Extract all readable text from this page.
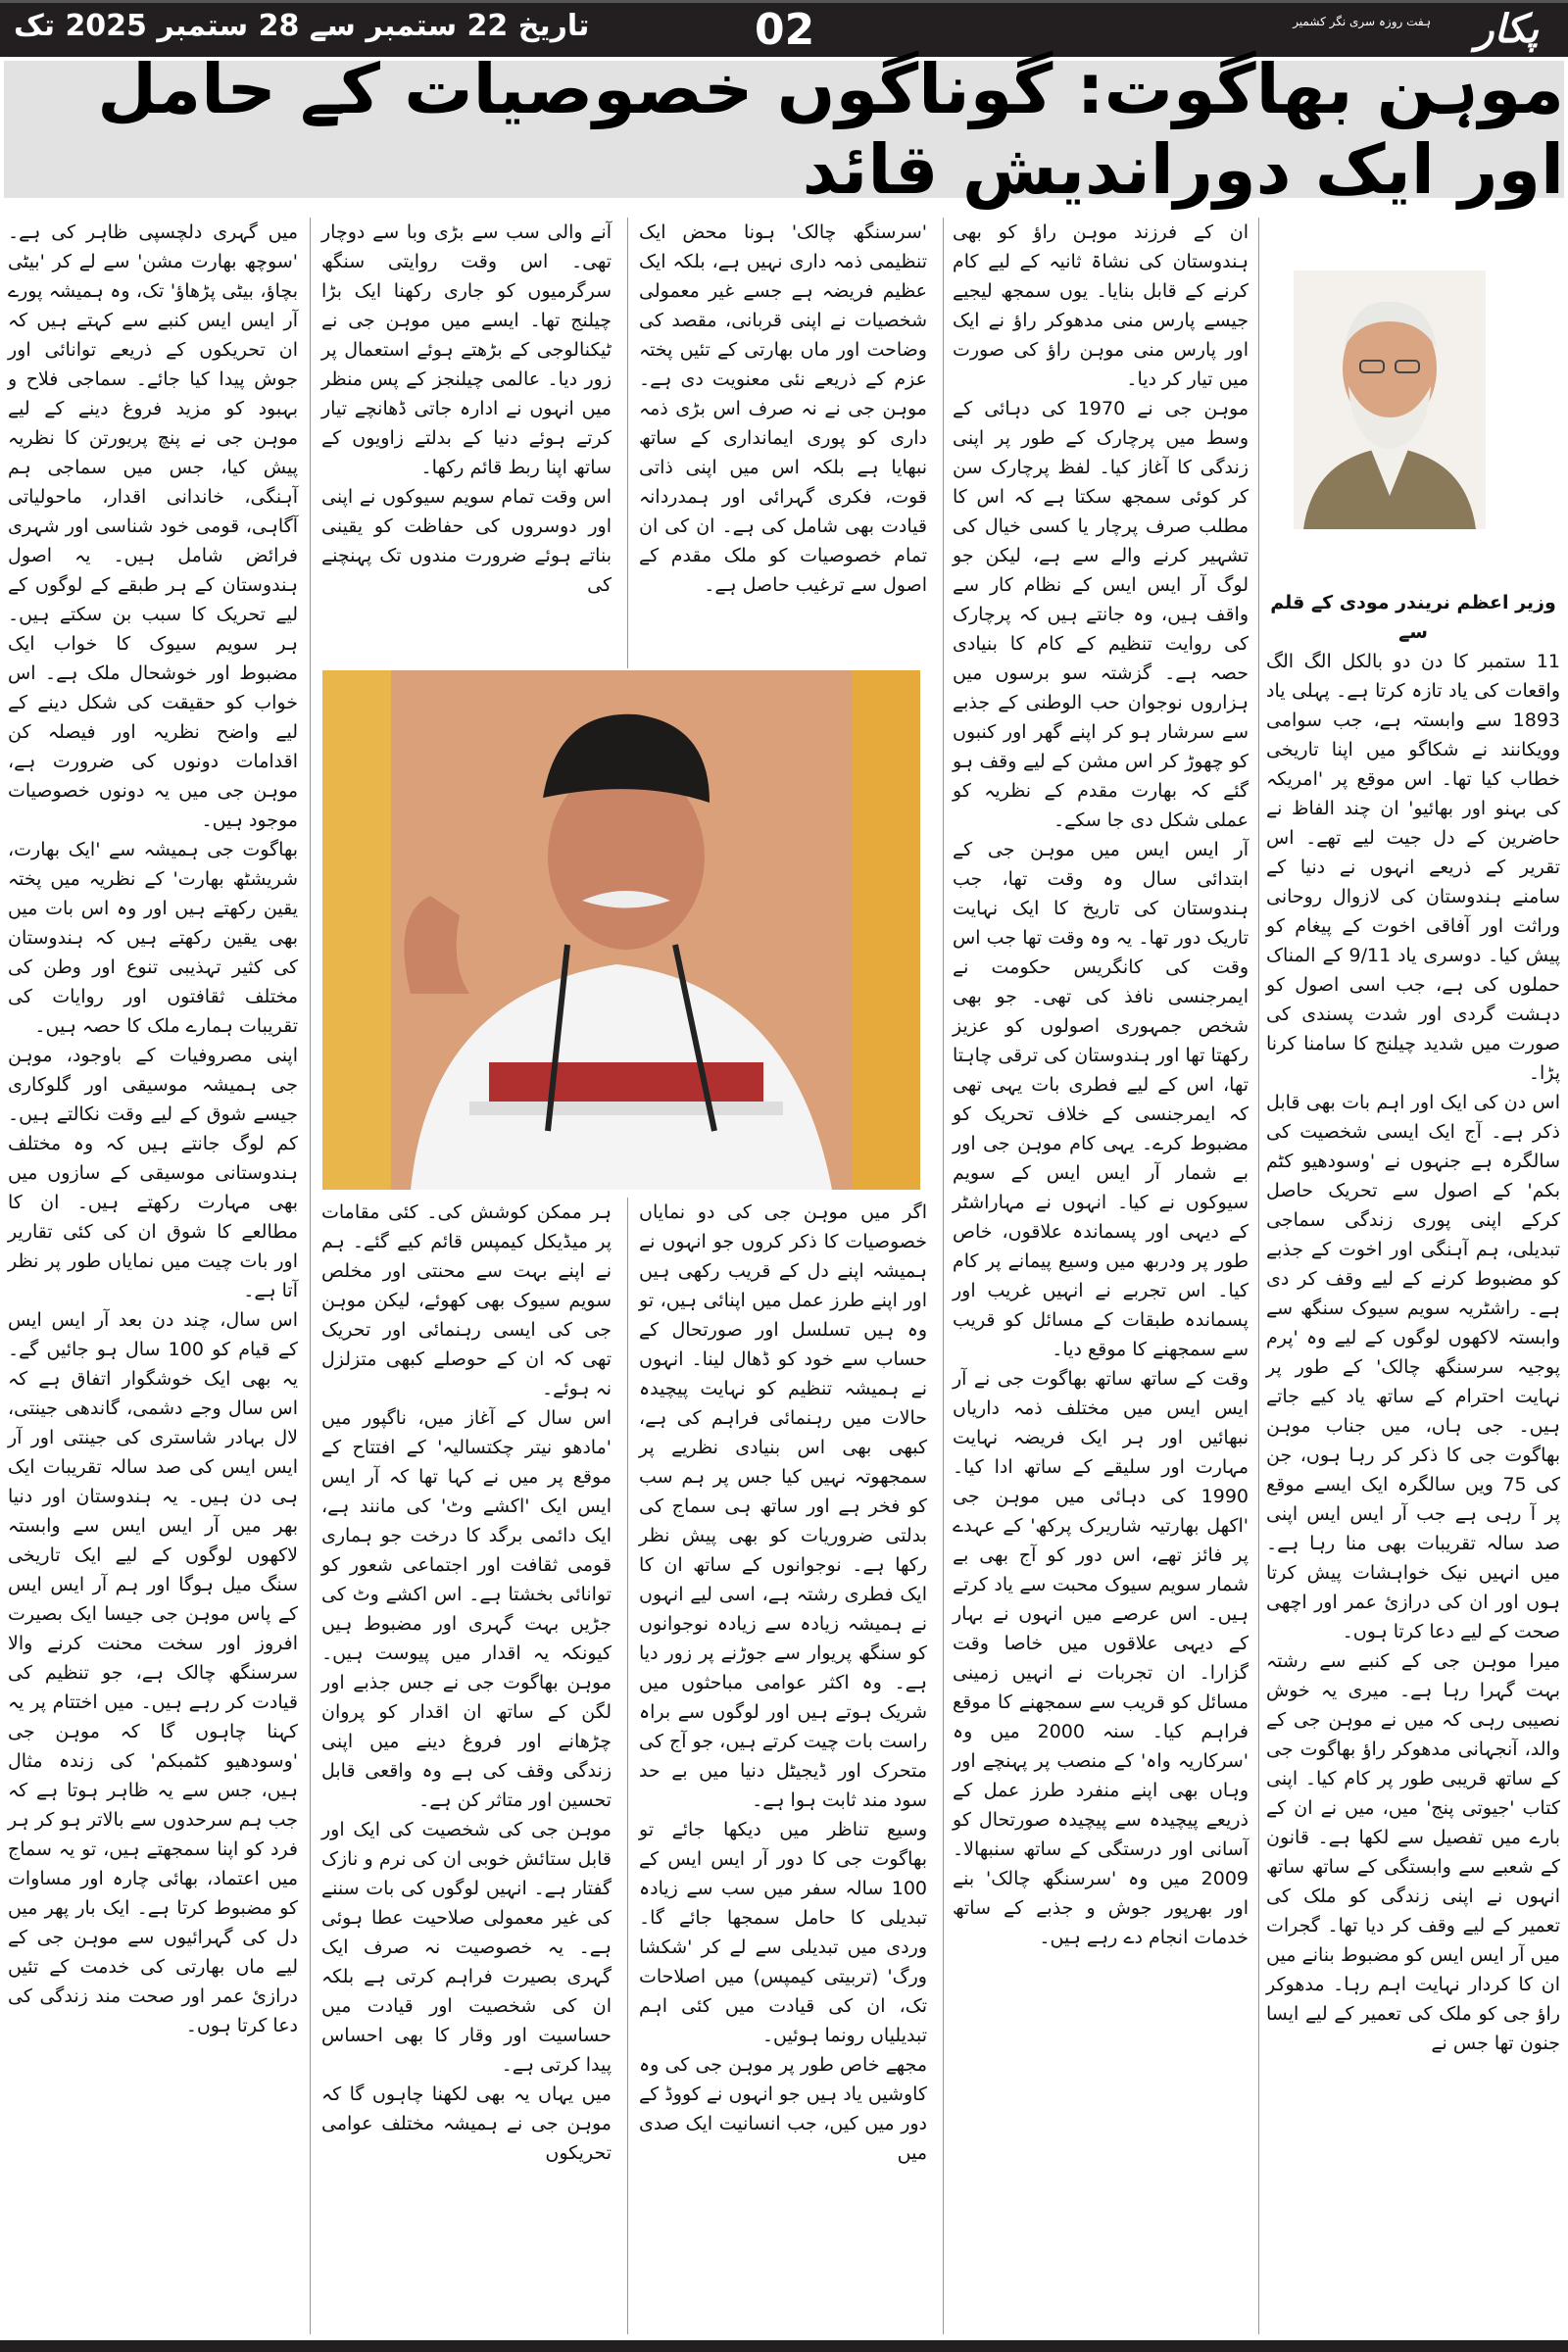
تاریخ 22 ستمبر سے 28 ستمبر 2025 تک	02	پکار
ہفت روزہ سری نگر کشمیر
موہن بھاگوت: گوناگوں خصوصیات کے حامل اور ایک دوراندیش قائد

وزیر اعظم نریندر مودی کے قلم سے

11 ستمبر کا دن دو بالکل الگ الگ واقعات کی یاد تازہ کرتا ہے۔ پہلی یاد 1893 سے وابستہ ہے، جب سوامی وویکانند نے شکاگو میں اپنا تاریخی خطاب کیا تھا۔ اس موقع پر 'امریکہ کی بہنو اور بھائیو' ان چند الفاظ نے حاضرین کے دل جیت لیے تھے۔ اس تقریر کے ذریعے انہوں نے دنیا کے سامنے ہندوستان کی لازوال روحانی وراثت اور آفاقی اخوت کے پیغام کو پیش کیا۔ دوسری یاد 9/11 کے المناک حملوں کی ہے، جب اسی اصول کو دہشت گردی اور شدت پسندی کی صورت میں شدید چیلنج کا سامنا کرنا پڑا۔

اس دن کی ایک اور اہم بات بھی قابل ذکر ہے۔ آج ایک ایسی شخصیت کی سالگرہ ہے جنہوں نے 'وسودھیو کٹم بکم' کے اصول سے تحریک حاصل کرکے اپنی پوری زندگی سماجی تبدیلی، ہم آہنگی اور اخوت کے جذبے کو مضبوط کرنے کے لیے وقف کر دی ہے۔ راشٹریہ سویم سیوک سنگھ سے وابستہ لاکھوں لوگوں کے لیے وہ 'پرم پوجیہ سرسنگھ چالک' کے طور پر نہایت احترام کے ساتھ یاد کیے جاتے ہیں۔ جی ہاں، میں جناب موہن بھاگوت جی کا ذکر کر رہا ہوں، جن کی 75 ویں سالگرہ ایک ایسے موقع پر آ رہی ہے جب آر ایس ایس اپنی صد سالہ تقریبات بھی منا رہا ہے۔ میں انہیں نیک خواہشات پیش کرتا ہوں اور ان کی درازیٔ عمر اور اچھی صحت کے لیے دعا کرتا ہوں۔

میرا موہن جی کے کنبے سے رشتہ بہت گہرا رہا ہے۔ میری یہ خوش نصیبی رہی کہ میں نے موہن جی کے والد، آنجہانی مدھوکر راؤ بھاگوت جی کے ساتھ قریبی طور پر کام کیا۔ اپنی کتاب 'جیوتی پنج' میں، میں نے ان کے بارے میں تفصیل سے لکھا ہے۔ قانون کے شعبے سے وابستگی کے ساتھ ساتھ انہوں نے اپنی زندگی کو ملک کی تعمیر کے لیے وقف کر دیا تھا۔ گجرات میں آر ایس ایس کو مضبوط بنانے میں ان کا کردار نہایت اہم رہا۔ مدھوکر راؤ جی کو ملک کی تعمیر کے لیے ایسا جنون تھا جس نے

ان کے فرزند موہن راؤ کو بھی ہندوستان کی نشاۃ ثانیہ کے لیے کام کرنے کے قابل بنایا۔ یوں سمجھ لیجیے جیسے پارس منی مدھوکر راؤ نے ایک اور پارس منی موہن راؤ کی صورت میں تیار کر دیا۔

موہن جی نے 1970 کی دہائی کے وسط میں پرچارک کے طور پر اپنی زندگی کا آغاز کیا۔ لفظ پرچارک سن کر کوئی سمجھ سکتا ہے کہ اس کا مطلب صرف پرچار یا کسی خیال کی تشہیر کرنے والے سے ہے، لیکن جو لوگ آر ایس ایس کے نظام کار سے واقف ہیں، وہ جانتے ہیں کہ پرچارک کی روایت تنظیم کے کام کا بنیادی حصہ ہے۔ گزشتہ سو برسوں میں ہزاروں نوجوان حب الوطنی کے جذبے سے سرشار ہو کر اپنے گھر اور کنبوں کو چھوڑ کر اس مشن کے لیے وقف ہو گئے کہ بھارت مقدم کے نظریہ کو عملی شکل دی جا سکے۔

آر ایس ایس میں موہن جی کے ابتدائی سال وہ وقت تھا، جب ہندوستان کی تاریخ کا ایک نہایت تاریک دور تھا۔ یہ وہ وقت تھا جب اس وقت کی کانگریس حکومت نے ایمرجنسی نافذ کی تھی۔ جو بھی شخص جمہوری اصولوں کو عزیز رکھتا تھا اور ہندوستان کی ترقی چاہتا تھا، اس کے لیے فطری بات یہی تھی کہ ایمرجنسی کے خلاف تحریک کو مضبوط کرے۔ یہی کام موہن جی اور بے شمار آر ایس ایس کے سویم سیوکوں نے کیا۔ انہوں نے مہاراشٹر کے دیہی اور پسماندہ علاقوں، خاص طور پر ودربھ میں وسیع پیمانے پر کام کیا۔ اس تجربے نے انہیں غریب اور پسماندہ طبقات کے مسائل کو قریب سے سمجھنے کا موقع دیا۔

وقت کے ساتھ ساتھ بھاگوت جی نے آر ایس ایس میں مختلف ذمہ داریاں نبھائیں اور ہر ایک فریضہ نہایت مہارت اور سلیقے کے ساتھ ادا کیا۔ 1990 کی دہائی میں موہن جی 'اکھل بھارتیہ شاریرک پرکھ' کے عہدے پر فائز تھے، اس دور کو آج بھی بے شمار سویم سیوک محبت سے یاد کرتے ہیں۔ اس عرصے میں انہوں نے بہار کے دیہی علاقوں میں خاصا وقت گزارا۔ ان تجربات نے انہیں زمینی مسائل کو قریب سے سمجھنے کا موقع فراہم کیا۔ سنہ 2000 میں وہ 'سرکاریہ واہ' کے منصب پر پہنچے اور وہاں بھی اپنے منفرد طرز عمل کے ذریعے پیچیدہ سے پیچیدہ صورتحال کو آسانی اور درستگی کے ساتھ سنبھالا۔ 2009 میں وہ 'سرسنگھ چالک' بنے اور بھرپور جوش و جذبے کے ساتھ خدمات انجام دے رہے ہیں۔

'سرسنگھ چالک' ہونا محض ایک تنظیمی ذمہ داری نہیں ہے، بلکہ ایک عظیم فریضہ ہے جسے غیر معمولی شخصیات نے اپنی قربانی، مقصد کی وضاحت اور ماں بھارتی کے تئیں پختہ عزم کے ذریعے نئی معنویت دی ہے۔ موہن جی نے نہ صرف اس بڑی ذمہ داری کو پوری ایمانداری کے ساتھ نبھایا ہے بلکہ اس میں اپنی ذاتی قوت، فکری گہرائی اور ہمدردانہ قیادت بھی شامل کی ہے۔ ان کی ان تمام خصوصیات کو ملک مقدم کے اصول سے ترغیب حاصل ہے۔

اگر میں موہن جی کی دو نمایاں خصوصیات کا ذکر کروں جو انہوں نے ہمیشہ اپنے دل کے قریب رکھی ہیں اور اپنے طرز عمل میں اپنائی ہیں، تو وہ ہیں تسلسل اور صورتحال کے حساب سے خود کو ڈھال لینا۔ انہوں نے ہمیشہ تنظیم کو نہایت پیچیدہ حالات میں رہنمائی فراہم کی ہے، کبھی بھی اس بنیادی نظریے پر سمجھوتہ نہیں کیا جس پر ہم سب کو فخر ہے اور ساتھ ہی سماج کی بدلتی ضروریات کو بھی پیش نظر رکھا ہے۔ نوجوانوں کے ساتھ ان کا ایک فطری رشتہ ہے، اسی لیے انہوں نے ہمیشہ زیادہ سے زیادہ نوجوانوں کو سنگھ پریوار سے جوڑنے پر زور دیا ہے۔ وہ اکثر عوامی مباحثوں میں شریک ہوتے ہیں اور لوگوں سے براہ راست بات چیت کرتے ہیں، جو آج کی متحرک اور ڈیجیٹل دنیا میں بے حد سود مند ثابت ہوا ہے۔

وسیع تناظر میں دیکھا جائے تو بھاگوت جی کا دور آر ایس ایس کے 100 سالہ سفر میں سب سے زیادہ تبدیلی کا حامل سمجھا جائے گا۔ وردی میں تبدیلی سے لے کر 'شکشا ورگ' (تربیتی کیمپس) میں اصلاحات تک، ان کی قیادت میں کئی اہم تبدیلیاں رونما ہوئیں۔

مجھے خاص طور پر موہن جی کی وہ کاوشیں یاد ہیں جو انہوں نے کووڈ کے دور میں کیں، جب انسانیت ایک صدی میں

آنے والی سب سے بڑی وبا سے دوچار تھی۔ اس وقت روایتی سنگھ سرگرمیوں کو جاری رکھنا ایک بڑا چیلنج تھا۔ ایسے میں موہن جی نے ٹیکنالوجی کے بڑھتے ہوئے استعمال پر زور دیا۔ عالمی چیلنجز کے پس منظر میں انہوں نے ادارہ جاتی ڈھانچے تیار کرتے ہوئے دنیا کے بدلتے زاویوں کے ساتھ اپنا ربط قائم رکھا۔

اس وقت تمام سویم سیوکوں نے اپنی اور دوسروں کی حفاظت کو یقینی بناتے ہوئے ضرورت مندوں تک پہنچنے کی

ہر ممکن کوشش کی۔ کئی مقامات پر میڈیکل کیمپس قائم کیے گئے۔ ہم نے اپنے بہت سے محنتی اور مخلص سویم سیوک بھی کھوئے، لیکن موہن جی کی ایسی رہنمائی اور تحریک تھی کہ ان کے حوصلے کبھی متزلزل نہ ہوئے۔

اس سال کے آغاز میں، ناگپور میں 'مادھو نیتر چکتسالیہ' کے افتتاح کے موقع پر میں نے کہا تھا کہ آر ایس ایس ایک 'اکشے وٹ' کی مانند ہے، ایک دائمی برگد کا درخت جو ہماری قومی ثقافت اور اجتماعی شعور کو توانائی بخشتا ہے۔ اس اکشے وٹ کی جڑیں بہت گہری اور مضبوط ہیں کیونکہ یہ اقدار میں پیوست ہیں۔ موہن بھاگوت جی نے جس جذبے اور لگن کے ساتھ ان اقدار کو پروان چڑھانے اور فروغ دینے میں اپنی زندگی وقف کی ہے وہ واقعی قابل تحسین اور متاثر کن ہے۔

موہن جی کی شخصیت کی ایک اور قابل ستائش خوبی ان کی نرم و نازک گفتار ہے۔ انہیں لوگوں کی بات سننے کی غیر معمولی صلاحیت عطا ہوئی ہے۔ یہ خصوصیت نہ صرف ایک گہری بصیرت فراہم کرتی ہے بلکہ ان کی شخصیت اور قیادت میں حساسیت اور وقار کا بھی احساس پیدا کرتی ہے۔

میں یہاں یہ بھی لکھنا چاہوں گا کہ موہن جی نے ہمیشہ مختلف عوامی تحریکوں

میں گہری دلچسپی ظاہر کی ہے۔ 'سوچھ بھارت مشن' سے لے کر 'بیٹی بچاؤ، بیٹی پڑھاؤ' تک، وہ ہمیشہ پورے آر ایس ایس کنبے سے کہتے ہیں کہ ان تحریکوں کے ذریعے توانائی اور جوش پیدا کیا جائے۔ سماجی فلاح و بہبود کو مزید فروغ دینے کے لیے موہن جی نے پنچ پریورتن کا نظریہ پیش کیا، جس میں سماجی ہم آہنگی، خاندانی اقدار، ماحولیاتی آگاہی، قومی خود شناسی اور شہری فرائض شامل ہیں۔ یہ اصول ہندوستان کے ہر طبقے کے لوگوں کے لیے تحریک کا سبب بن سکتے ہیں۔ ہر سویم سیوک کا خواب ایک مضبوط اور خوشحال ملک ہے۔ اس خواب کو حقیقت کی شکل دینے کے لیے واضح نظریہ اور فیصلہ کن اقدامات دونوں کی ضرورت ہے، موہن جی میں یہ دونوں خصوصیات موجود ہیں۔

بھاگوت جی ہمیشہ سے 'ایک بھارت، شریشٹھ بھارت' کے نظریہ میں پختہ یقین رکھتے ہیں اور وہ اس بات میں بھی یقین رکھتے ہیں کہ ہندوستان کی کثیر تہذیبی تنوع اور وطن کی مختلف ثقافتوں اور روایات کی تقریبات ہمارے ملک کا حصہ ہیں۔

اپنی مصروفیات کے باوجود، موہن جی ہمیشہ موسیقی اور گلوکاری جیسے شوق کے لیے وقت نکالتے ہیں۔ کم لوگ جانتے ہیں کہ وہ مختلف ہندوستانی موسیقی کے سازوں میں بھی مہارت رکھتے ہیں۔ ان کا مطالعے کا شوق ان کی کئی تقاریر اور بات چیت میں نمایاں طور پر نظر آتا ہے۔

اس سال، چند دن بعد آر ایس ایس کے قیام کو 100 سال ہو جائیں گے۔ یہ بھی ایک خوشگوار اتفاق ہے کہ اس سال وجے دشمی، گاندھی جینتی، لال بہادر شاستری کی جینتی اور آر ایس ایس کی صد سالہ تقریبات ایک ہی دن ہیں۔ یہ ہندوستان اور دنیا بھر میں آر ایس ایس سے وابستہ لاکھوں لوگوں کے لیے ایک تاریخی سنگ میل ہوگا اور ہم آر ایس ایس کے پاس موہن جی جیسا ایک بصیرت افروز اور سخت محنت کرنے والا سرسنگھ چالک ہے، جو تنظیم کی قیادت کر رہے ہیں۔ میں اختتام پر یہ کہنا چاہوں گا کہ موہن جی 'وسودھیو کٹمبکم' کی زندہ مثال ہیں، جس سے یہ ظاہر ہوتا ہے کہ جب ہم سرحدوں سے بالاتر ہو کر ہر فرد کو اپنا سمجھتے ہیں، تو یہ سماج میں اعتماد، بھائی چارہ اور مساوات کو مضبوط کرتا ہے۔ ایک بار پھر میں دل کی گہرائیوں سے موہن جی کے لیے ماں بھارتی کی خدمت کے تئیں درازیٔ عمر اور صحت مند زندگی کی دعا کرتا ہوں۔
